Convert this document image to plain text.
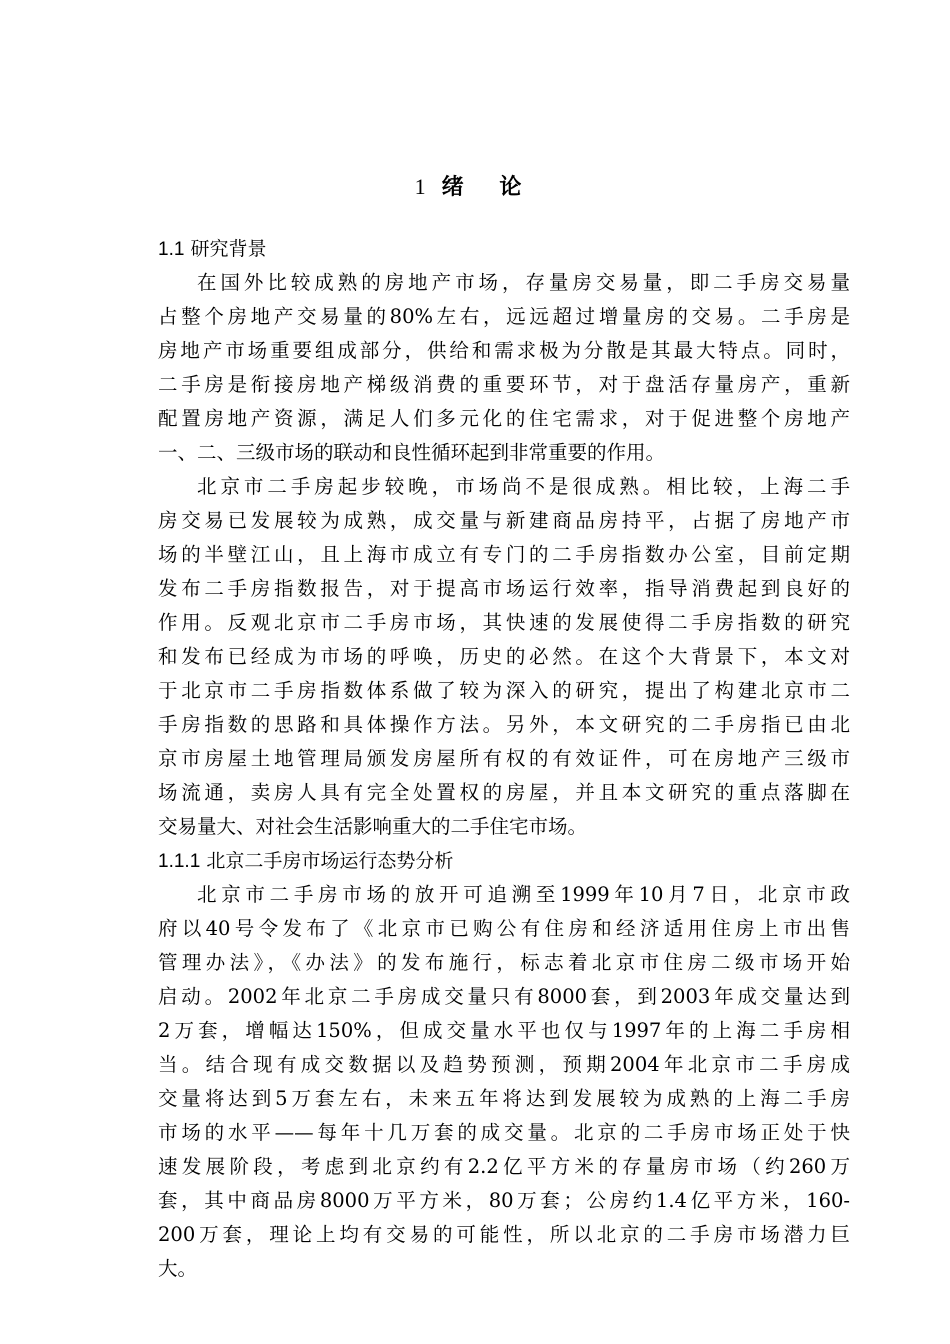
1 绪 论
1.1 研究背景
在国外比较成熟的房地产市场，存量房交易量，即二手房交易量
占整个房地产交易量的80%左右，远远超过增量房的交易。二手房是
房地产市场重要组成部分，供给和需求极为分散是其最大特点。同时，
二手房是衔接房地产梯级消费的重要环节，对于盘活存量房产，重新
配置房地产资源，满足人们多元化的住宅需求，对于促进整个房地产
一、二、三级市场的联动和良性循环起到非常重要的作用。
北京市二手房起步较晚，市场尚不是很成熟。相比较，上海二手
房交易已发展较为成熟，成交量与新建商品房持平，占据了房地产市
场的半壁江山，且上海市成立有专门的二手房指数办公室，目前定期
发布二手房指数报告，对于提高市场运行效率，指导消费起到良好的
作用。反观北京市二手房市场，其快速的发展使得二手房指数的研究
和发布已经成为市场的呼唤，历史的必然。在这个大背景下，本文对
于北京市二手房指数体系做了较为深入的研究，提出了构建北京市二
手房指数的思路和具体操作方法。另外，本文研究的二手房指已由北
京市房屋土地管理局颁发房屋所有权的有效证件，可在房地产三级市
场流通，卖房人具有完全处置权的房屋，并且本文研究的重点落脚在
交易量大、对社会生活影响重大的二手住宅市场。
1.1.1 北京二手房市场运行态势分析
北京市二手房市场的放开可追溯至1999年10月7日，北京市政
府以40号令发布了《北京市已购公有住房和经济适用住房上市出售
管理办法》，《办法》的发布施行，标志着北京市住房二级市场开始
启动。2002年北京二手房成交量只有8000套，到2003年成交量达到
2万套，增幅达150%，但成交量水平也仅与1997年的上海二手房相
当。结合现有成交数据以及趋势预测，预期2004年北京市二手房成
交量将达到5万套左右，未来五年将达到发展较为成熟的上海二手房
市场的水平——每年十几万套的成交量。北京的二手房市场正处于快
速发展阶段，考虑到北京约有2.2亿平方米的存量房市场（约260万
套，其中商品房8000万平方米，80万套；公房约1.4亿平方米，160-
200万套，理论上均有交易的可能性，所以北京的二手房市场潜力巨
大。
